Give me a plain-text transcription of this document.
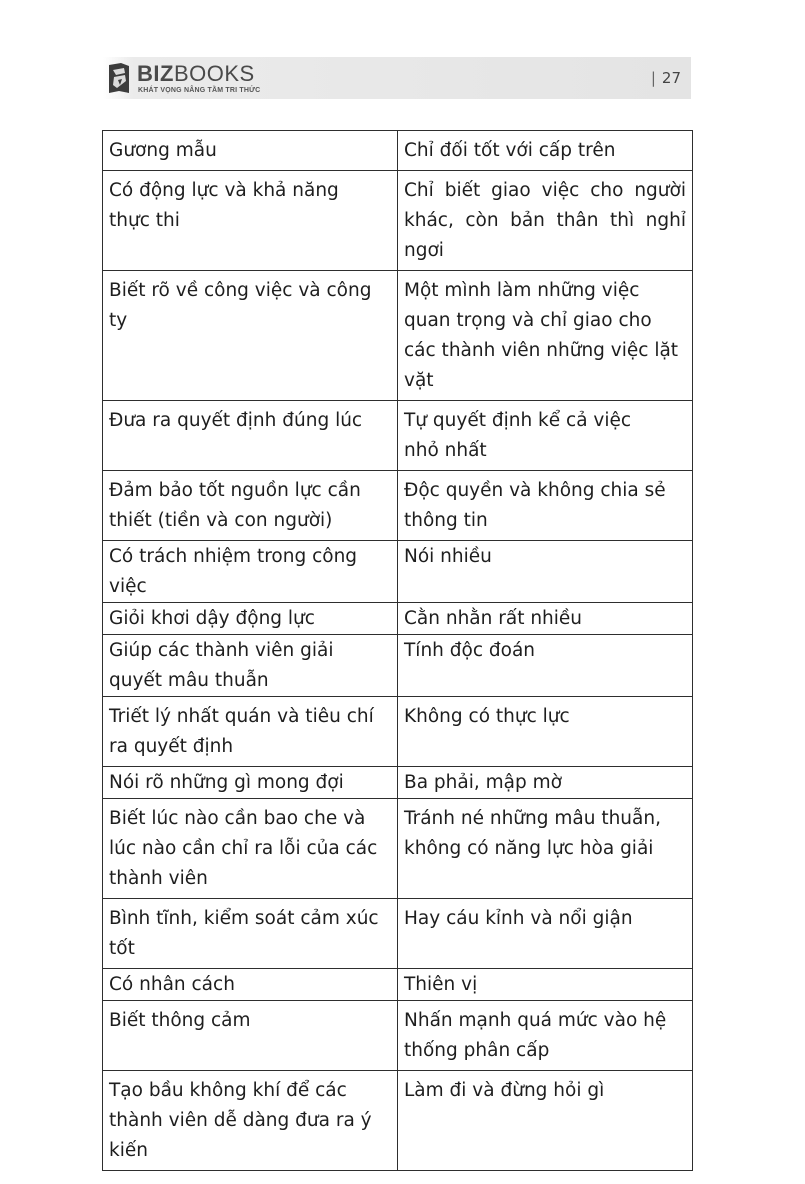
BIZBOOKS
KHÁT VỌNG NÂNG TẦM TRI THỨC
| 27
Gương mẫu	Chỉ đối tốt với cấp trên

Có động lực và khả năng thực thi	Chỉ biết giao việc cho người khác, còn bản thân thì nghỉ ngơi
Biết rõ về công việc và công ty	Một mình làm những việc quan trọng và chỉ giao cho các thành viên những việc lặt vặt
Đưa ra quyết định đúng lúc	Tự quyết định kể cả việc nhỏ nhất

Đảm bảo tốt nguồn lực cần thiết (tiền và con người)	Độc quyền và không chia sẻ thông tin
Có trách nhiệm trong công việc	Nói nhiều
Giỏi khơi dậy động lực	Cằn nhằn rất nhiều
Giúp các thành viên giải quyết mâu thuẫn	Tính độc đoán
Triết lý nhất quán và tiêu chí ra quyết định	Không có thực lực
Nói rõ những gì mong đợi	Ba phải, mập mờ
Biết lúc nào cần bao che và lúc nào cần chỉ ra lỗi của các thành viên	Tránh né những mâu thuẫn, không có năng lực hòa giải
Bình tĩnh, kiểm soát cảm xúc tốt	Hay cáu kỉnh và nổi giận
Có nhân cách	Thiên vị
Biết thông cảm	Nhấn mạnh quá mức vào hệ thống phân cấp
Tạo bầu không khí để các thành viên dễ dàng đưa ra ý kiến	Làm đi và đừng hỏi gì
